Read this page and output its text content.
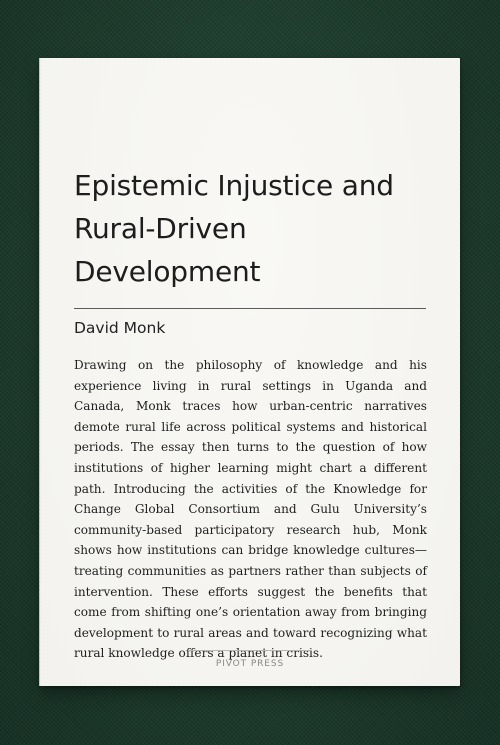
Epistemic Injustice and Rural-Driven Development

David Monk

Drawing on the philosophy of knowledge and his experience living in rural settings in Uganda and Canada, Monk traces how urban-centric narratives demote rural life across political systems and historical periods. The essay then turns to the question of how institutions of higher learning might chart a different path. Introducing the activities of the Knowledge for Change Global Consortium and Gulu University’s community-based participatory research hub, Monk shows how institutions can bridge knowledge cultures—treating communities as partners rather than subjects of intervention. These efforts suggest the benefits that come from shifting one’s orientation away from bringing development to rural areas and toward recognizing what rural knowledge offers a planet in crisis.

PIVOT PRESS
